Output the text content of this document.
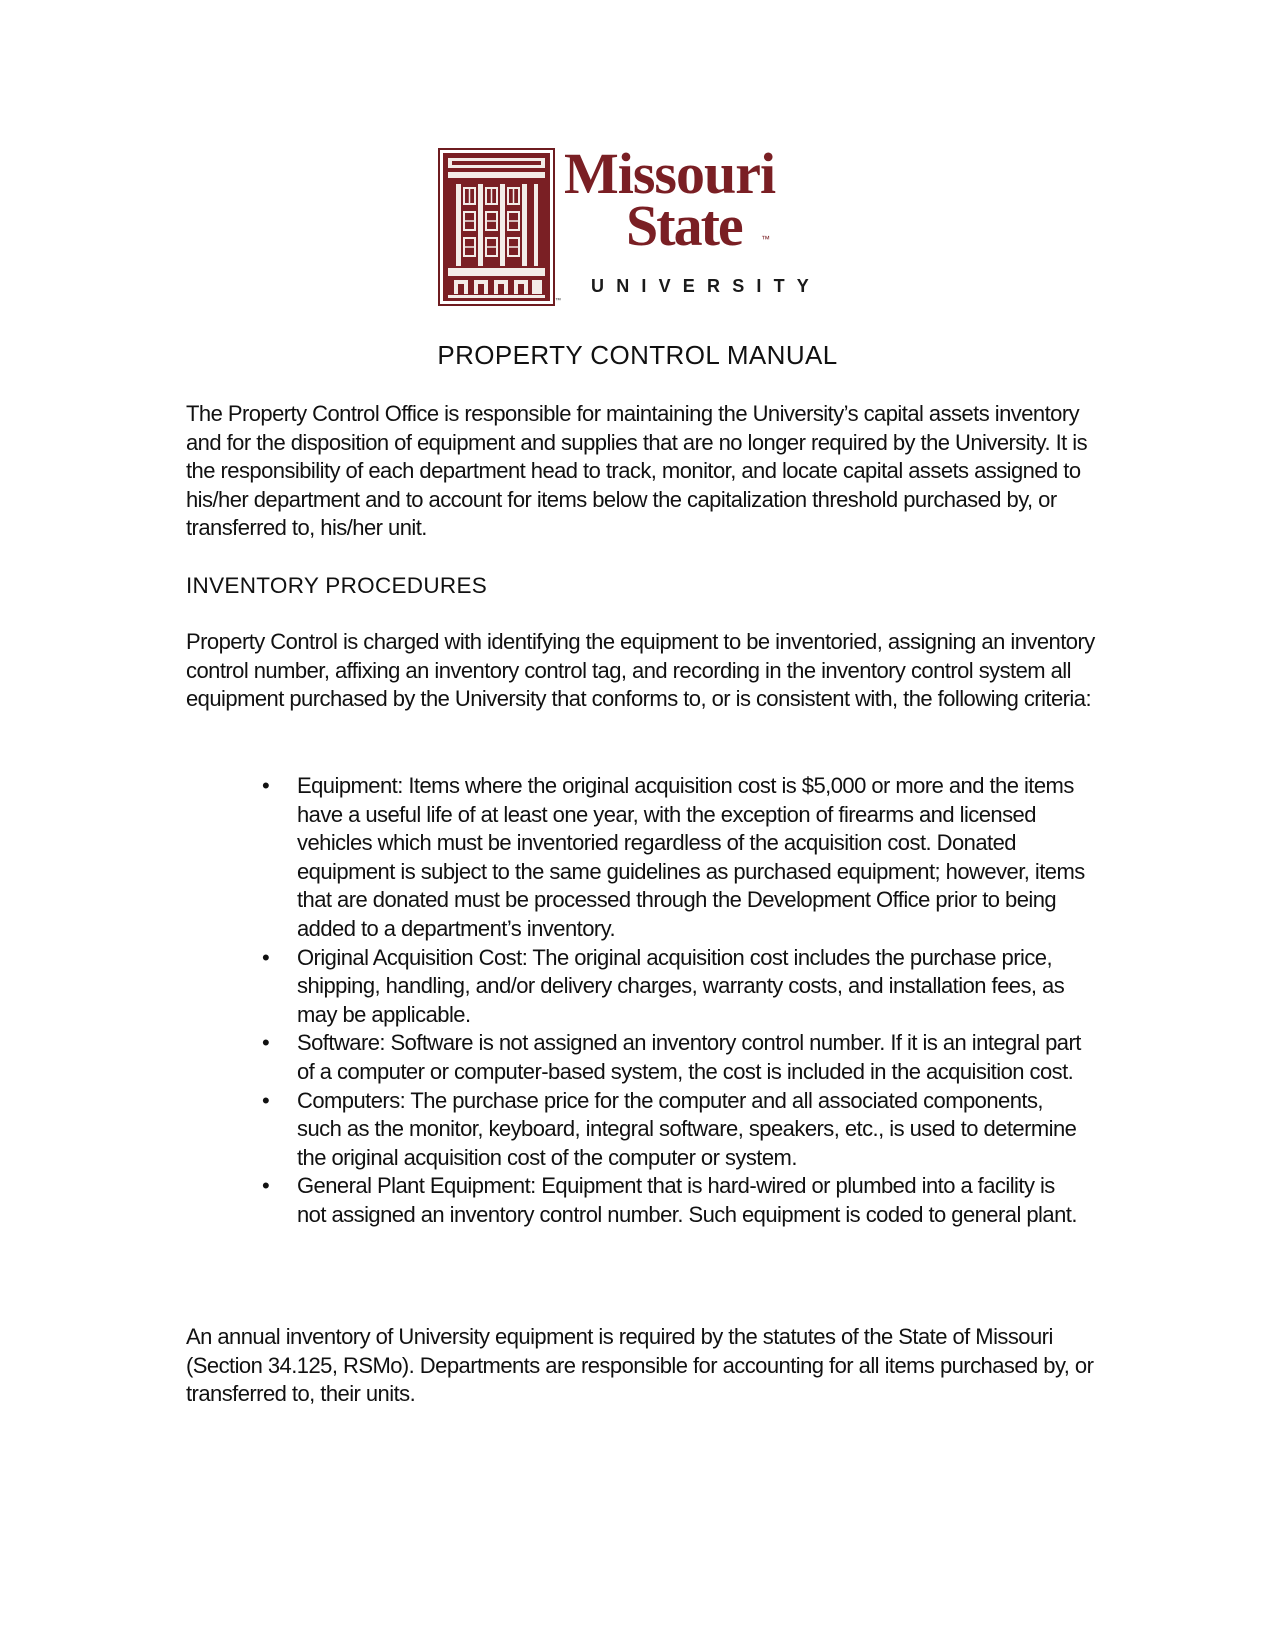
™
Missouri
State ™
UNIVERSITY
PROPERTY CONTROL MANUAL

The Property Control Office is responsible for maintaining the University’s capital assets inventory and for the disposition of equipment and supplies that are no longer required by the University. It is the responsibility of each department head to track, monitor, and locate capital assets assigned to his/her department and to account for items below the capitalization threshold purchased by, or transferred to, his/her unit.

INVENTORY PROCEDURES

Property Control is charged with identifying the equipment to be inventoried, assigning an inventory control number, affixing an inventory control tag, and recording in the inventory control system all equipment purchased by the University that conforms to, or is consistent with, the following criteria:

• Equipment: Items where the original acquisition cost is $5,000 or more and the items have a useful life of at least one year, with the exception of firearms and licensed vehicles which must be inventoried regardless of the acquisition cost. Donated equipment is subject to the same guidelines as purchased equipment; however, items that are donated must be processed through the Development Office prior to being added to a department’s inventory.
• Original Acquisition Cost: The original acquisition cost includes the purchase price, shipping, handling, and/or delivery charges, warranty costs, and installation fees, as may be applicable.
• Software: Software is not assigned an inventory control number. If it is an integral part of a computer or computer-based system, the cost is included in the acquisition cost.
• Computers: The purchase price for the computer and all associated components, such as the monitor, keyboard, integral software, speakers, etc., is used to determine the original acquisition cost of the computer or system.
• General Plant Equipment: Equipment that is hard-wired or plumbed into a facility is not assigned an inventory control number. Such equipment is coded to general plant.

An annual inventory of University equipment is required by the statutes of the State of Missouri (Section 34.125, RSMo). Departments are responsible for accounting for all items purchased by, or transferred to, their units.
